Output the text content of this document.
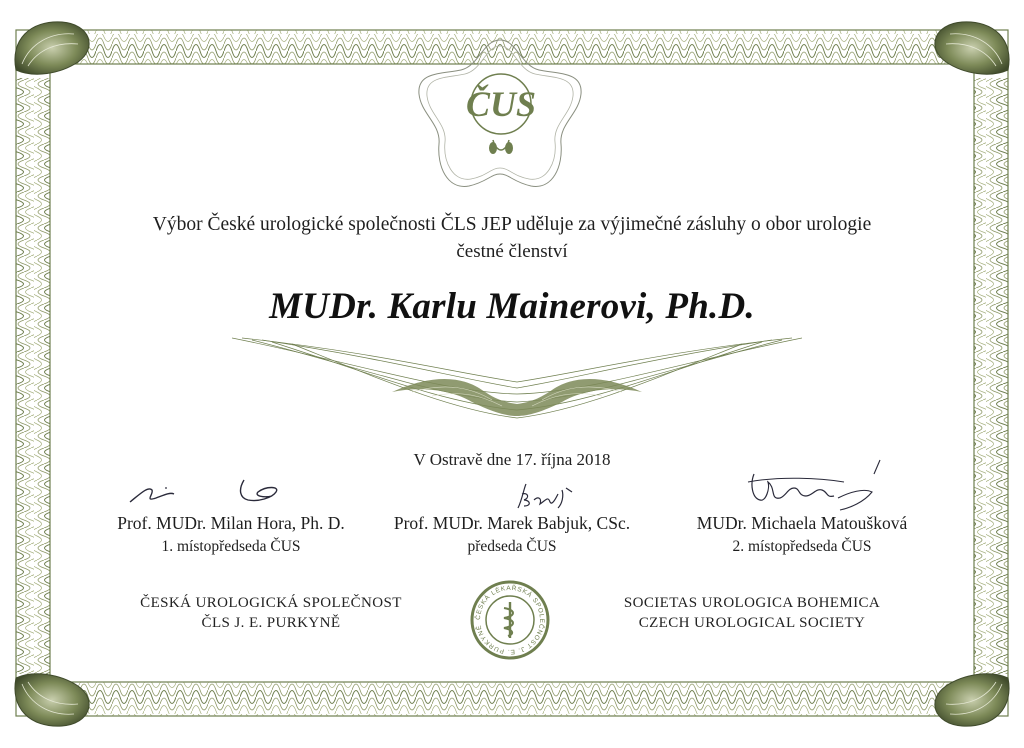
ČUS
Výbor České urologické společnosti ČLS JEP uděluje za výjimečné zásluhy o obor urologie
čestné členství
MUDr. Karlu Mainerovi, Ph.D.
V Ostravě dne 17. října 2018
Prof. MUDr. Milan Hora, Ph. D.
1. místopředseda ČUS
Prof. MUDr. Marek Babjuk, CSc.
předseda ČUS
MUDr. Michaela Matoušková
2. místopředseda ČUS
ČESKÁ UROLOGICKÁ SPOLEČNOST
ČLS J. E. PURKYNĚ	ČESKÁ LÉKAŘSKÁ SPOLEČNOST J. E. PURKYNĚ
SOCIETAS UROLOGICA BOHEMICA
CZECH UROLOGICAL SOCIETY
